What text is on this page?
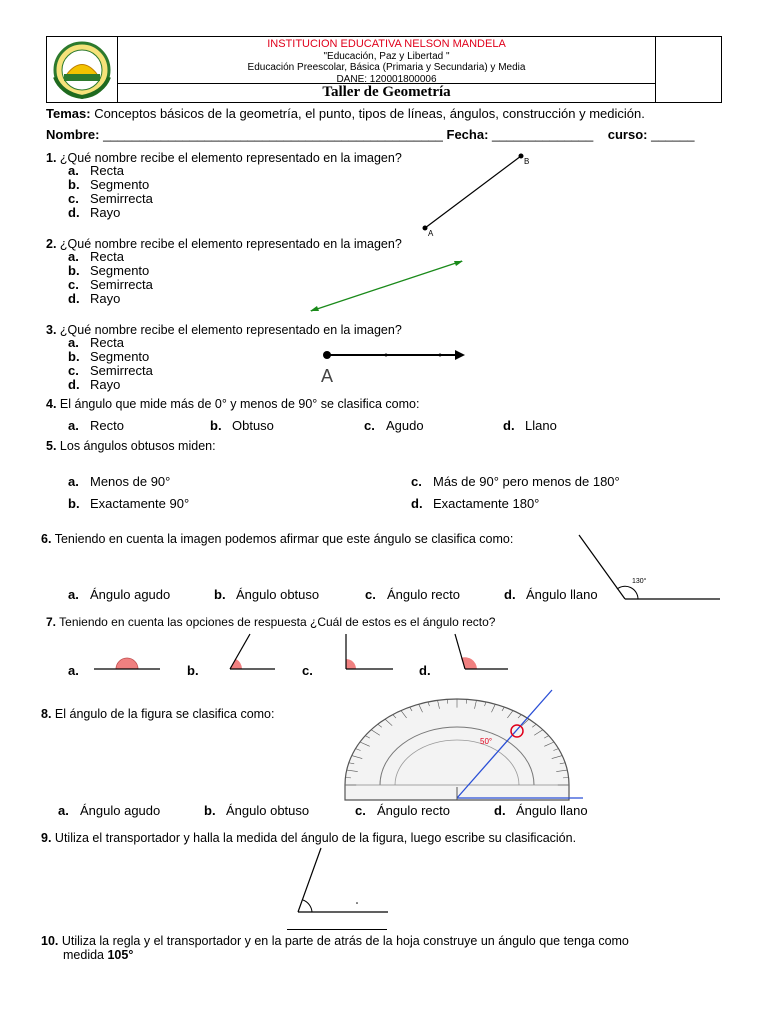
INSTITUCION EDUCATIVA NELSON MANDELA
"Educación, Paz y Libertad "
Educación Preescolar, Básica (Primaria y Secundaria) y Media
DANE: 120001800006
Taller de Geometría
Temas: Conceptos básicos de la geometría, el punto, tipos de líneas, ángulos, construcción y medición.
Nombre: _______________________________________________ Fecha: ______________ curso: ______
1. ¿Qué nombre recibe el elemento representado en la imagen?
a. Recta
b. Segmento
c. Semirrecta
d. Rayo
A
B
2. ¿Qué nombre recibe el elemento representado en la imagen?
a. Recta
b. Segmento
c. Semirrecta
d. Rayo
3. ¿Qué nombre recibe el elemento representado en la imagen?
a. Recta
b. Segmento
c. Semirrecta
d. Rayo	A
4. El ángulo que mide más de 0° y menos de 90° se clasifica como:
a. Recto	b. Obtuso	c. Agudo	d. Llano
5. Los ángulos obtusos miden:
a. Menos de 90°
b. Exactamente 90°
c. Más de 90° pero menos de 180°
d. Exactamente 180°
6. Teniendo en cuenta la imagen podemos afirmar que este ángulo se clasifica como:
130°
a. Ángulo agudo	b. Ángulo obtuso	c. Ángulo recto	d. Ángulo llano
7. Teniendo en cuenta las opciones de respuesta ¿Cuál de estos es el ángulo recto?
a.	b.	c.	d.
8. El ángulo de la figura se clasifica como:
50°
a. Ángulo agudo	b. Ángulo obtuso	c. Ángulo recto	d. Ángulo llano
9. Utiliza el transportador y halla la medida del ángulo de la figura, luego escribe su clasificación.
10. Utiliza la regla y el transportador y en la parte de atrás de la hoja construye un ángulo que tenga como
medida 105°
